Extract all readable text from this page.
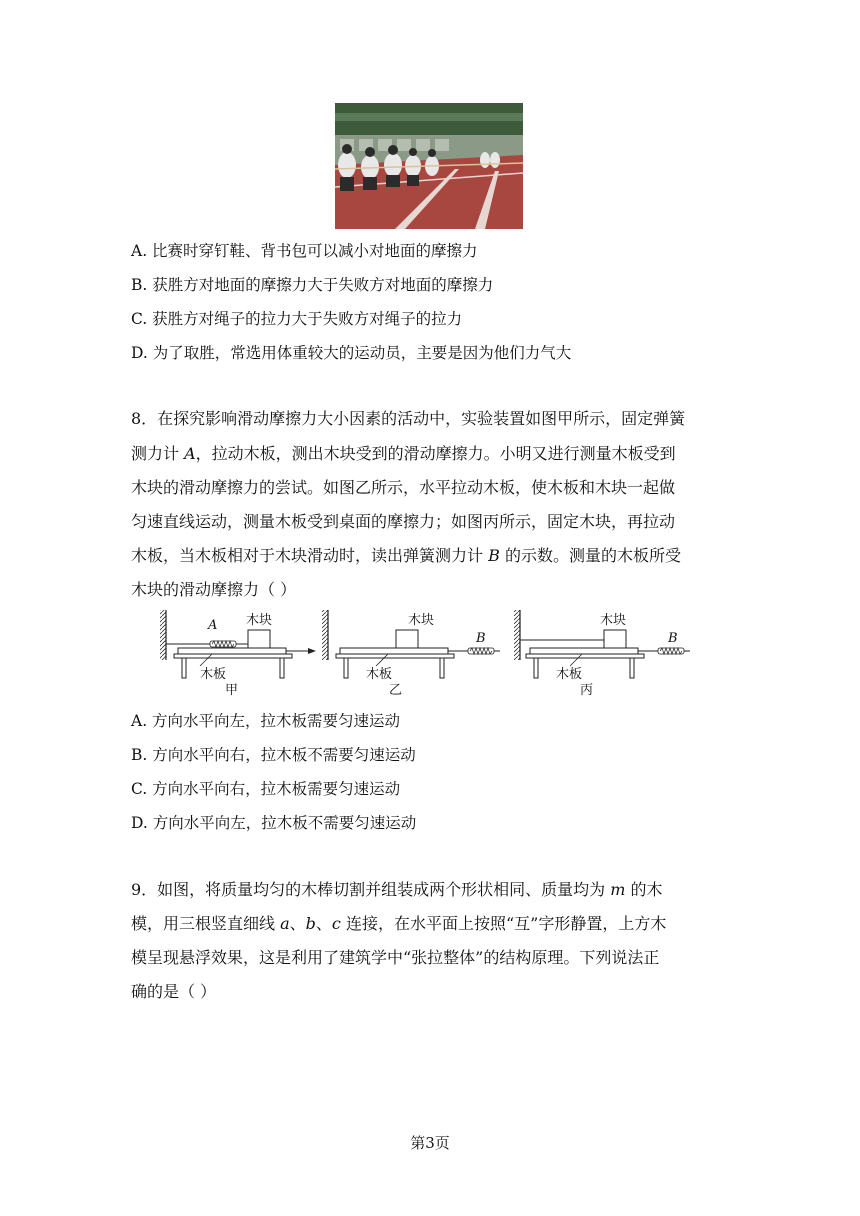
A. 比赛时穿钉鞋、背书包可以减小对地面的摩擦力
B. 获胜方对地面的摩擦力大于失败方对地面的摩擦力
C. 获胜方对绳子的拉力大于失败方对绳子的拉力
D. 为了取胜，常选用体重较大的运动员，主要是因为他们力气大
8．在探究影响滑动摩擦力大小因素的活动中，实验装置如图甲所示，固定弹簧
测力计 A，拉动木板，测出木块受到的滑动摩擦力。小明又进行测量木板受到
木块的滑动摩擦力的尝试。如图乙所示，水平拉动木板，使木板和木块一起做
匀速直线运动，测量木板受到桌面的摩擦力；如图丙所示，固定木块，再拉动
木板，当木板相对于木块滑动时，读出弹簧测力计 B 的示数。测量的木板所受
木块的滑动摩擦力（ ）
A 木块
木板
甲
B
木块
木板
乙
B
木块
木板
丙
A. 方向水平向左，拉木板需要匀速运动
B. 方向水平向右，拉木板不需要匀速运动
C. 方向水平向右，拉木板需要匀速运动
D. 方向水平向左，拉木板不需要匀速运动
9．如图，将质量均匀的木棒切割并组装成两个形状相同、质量均为 m 的木
模，用三根竖直细线 a、b、c 连接，在水平面上按照“互”字形静置，上方木
模呈现悬浮效果，这是利用了建筑学中“张拉整体”的结构原理。下列说法正
确的是（ ）
第3页
